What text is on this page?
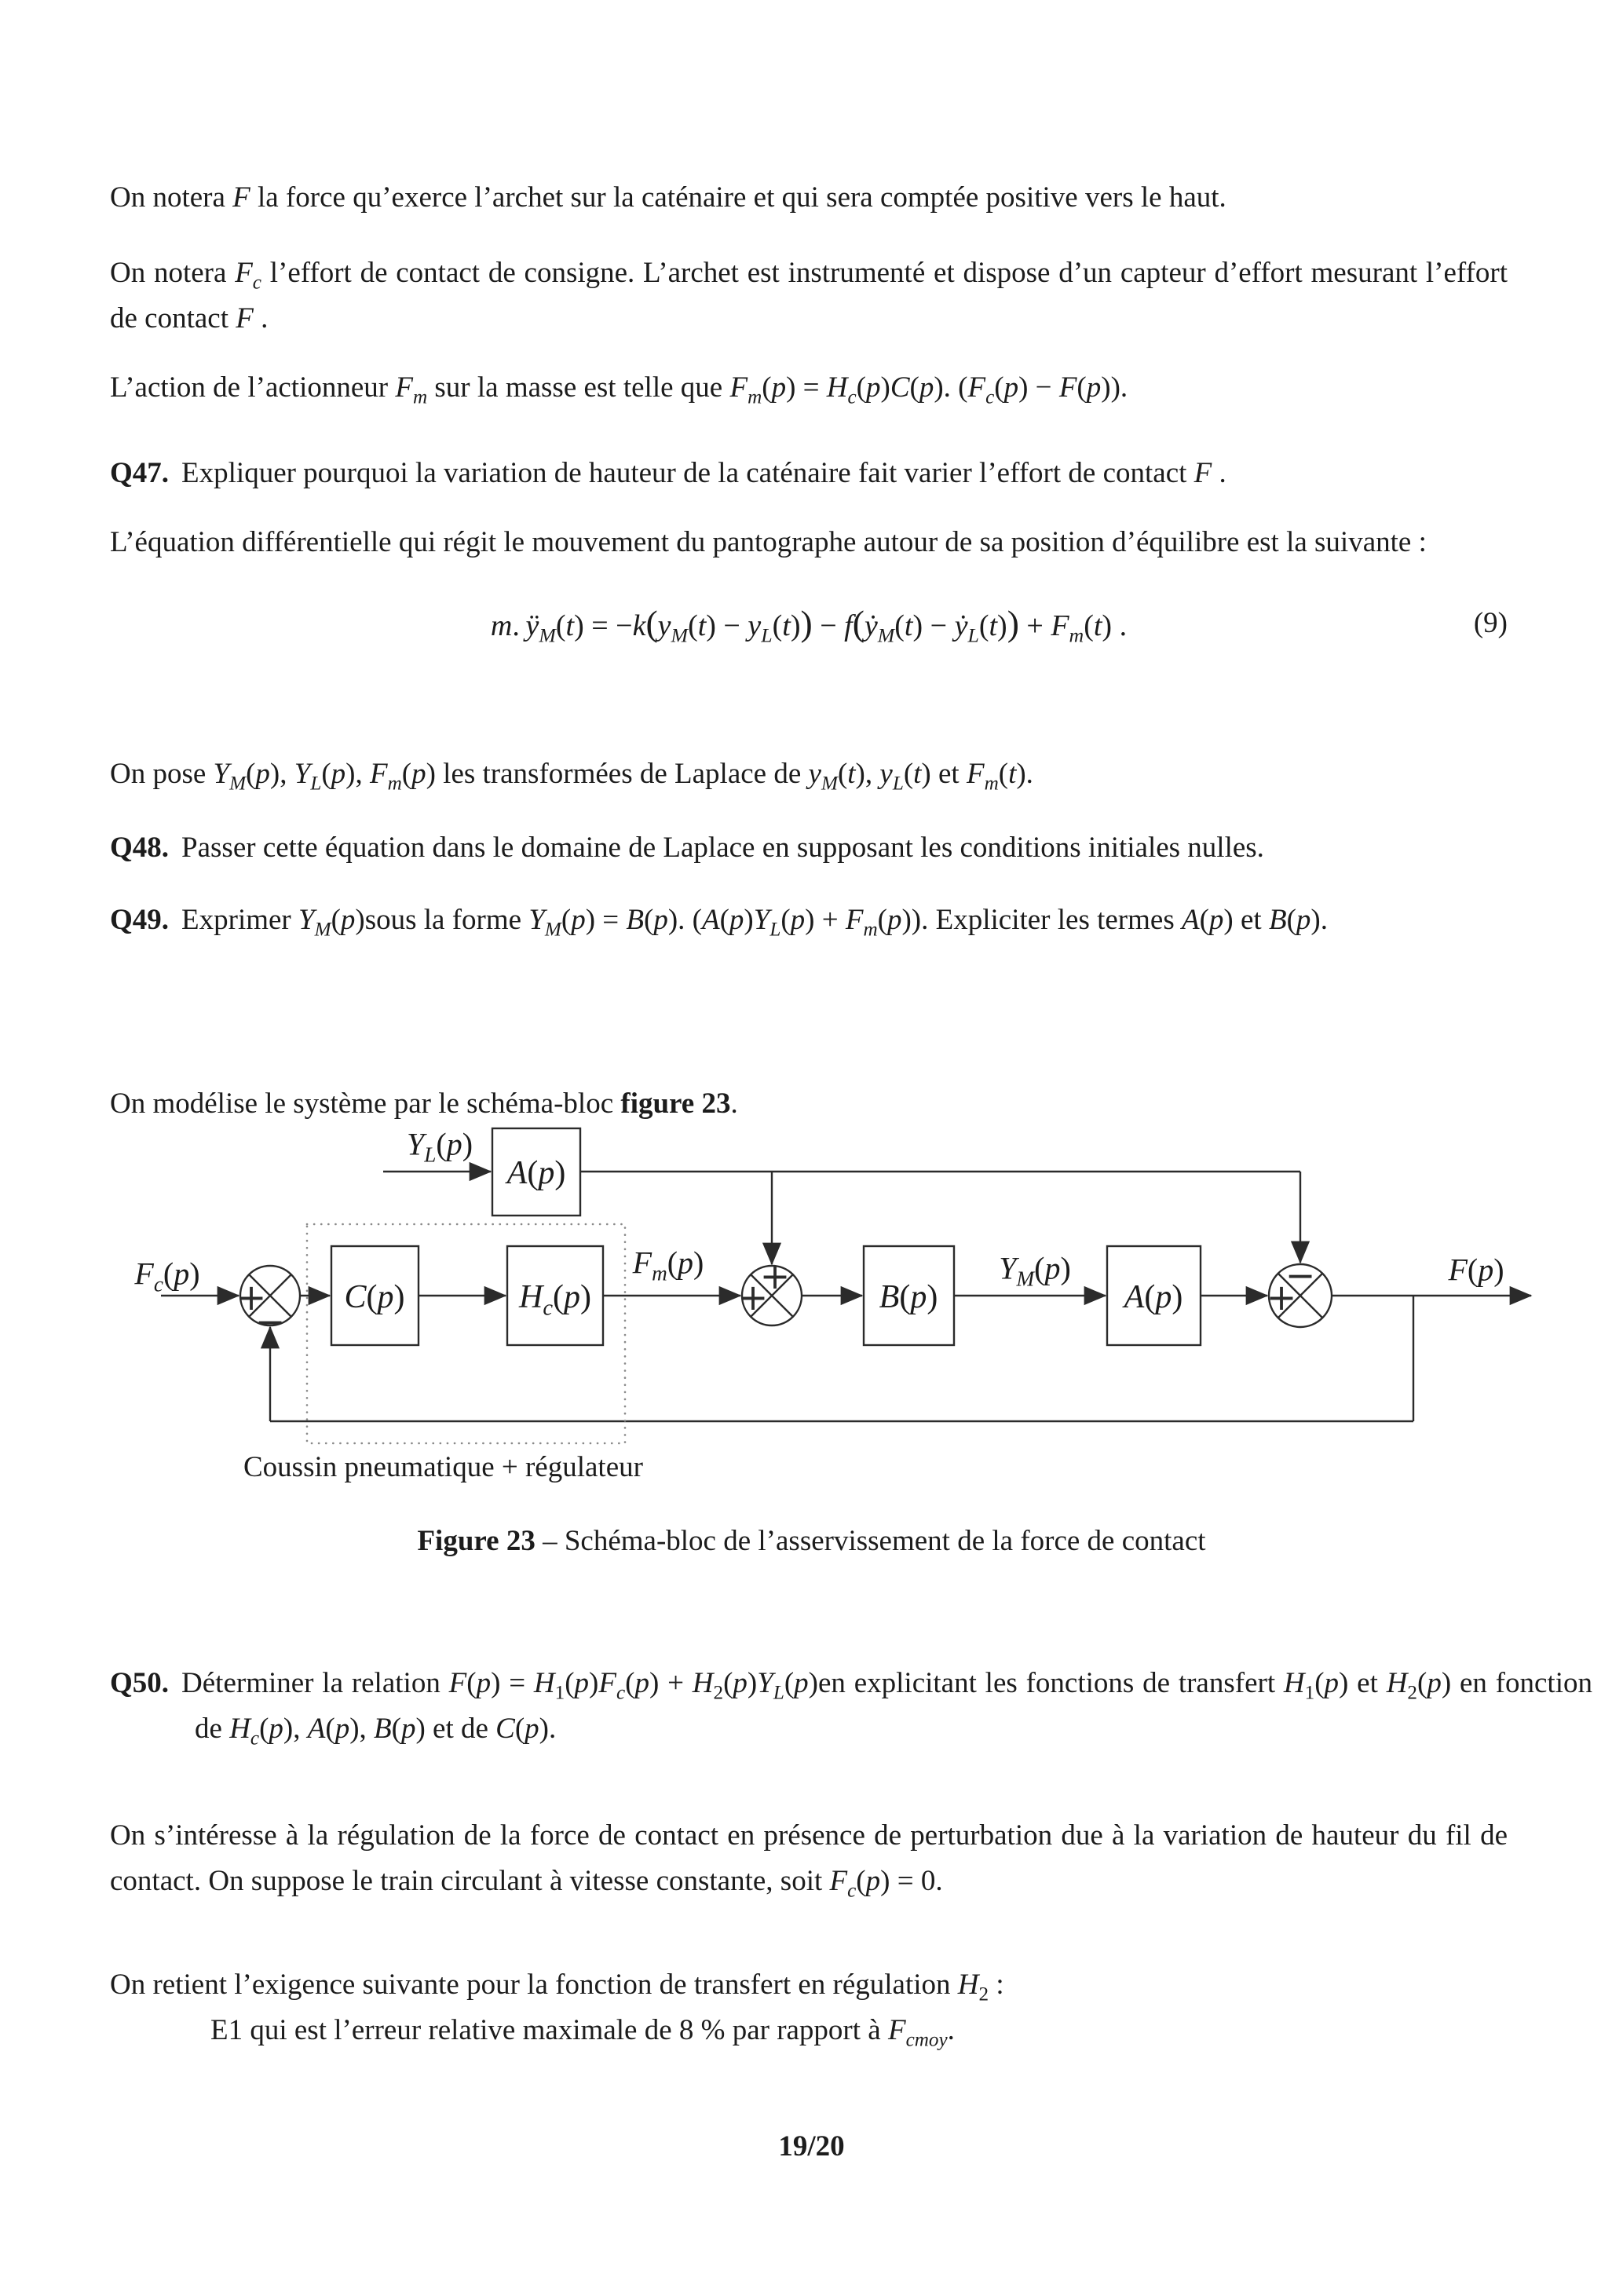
On notera F la force qu’exerce l’archet sur la caténaire et qui sera comptée positive vers le haut.

On notera $F_c$ l’effort de contact de consigne. L’archet est instrumenté et dispose d’un capteur d’effort mesurant l’effort de contact F .

L’action de l’actionneur $F_m$ sur la masse est telle que $F_m(p) = H_c(p)C(p)$. $(F_c(p) - F(p))$.

Q47. Expliquer pourquoi la variation de hauteur de la caténaire fait varier l’effort de contact F .

L’équation différentielle qui régit le mouvement du pantographe autour de sa position d’équilibre est la suivante :

m. $ÿ_M(t) = -k(y_M(t) - y_L(t))$ − f(ẏ$_M$(t) − ẏ$_L$(t)) + $F_m(t)$ .	(9)

On pose $Y_M(p)$, $Y_L(p)$, $F_m(p)$ les transformées de Laplace de $y_M(t)$, $y_L(t)$ et $F_m(t)$.

Q48. Passer cette équation dans le domaine de Laplace en supposant les conditions initiales nulles.

Q49. Exprimer $Y_M(p)sous$ la forme $Y_M(p) = B(p)$. $(A(p)Y_L(p) + F_m(p))$. Expliciter les termes A(p) et B(p).

On modélise le système par le schéma-bloc figure 23.

+
−
+
+	+
−
$Y_L(p)$
A(p)
$F_c(p)$
C(p)	$H_c(p)$
$F_m(p)$
B(p)
$Y_M(p)$
A(p)
F(p)
Coussin pneumatique + régulateur
Figure 23 – Schéma-bloc de l’asservissement de la force de contact

Q50. Déterminer la relation $F(p) = H_1(p)F_c(p) + H_2(p)Y_L(p)en$ explicitant les fonctions de transfert $H_1(p)$ et $H_2(p)$ en fonction de $H_c(p)$, A(p), B(p) et de C(p).

On s’intéresse à la régulation de la force de contact en présence de perturbation due à la variation de hauteur du fil de contact. On suppose le train circulant à vitesse constante, soit $F_c(p) = 0$.

On retient l’exigence suivante pour la fonction de transfert en régulation $H_2$ :

E1 qui est l’erreur relative maximale de 8 % par rapport à $F_{cmoy}$.

19/20
